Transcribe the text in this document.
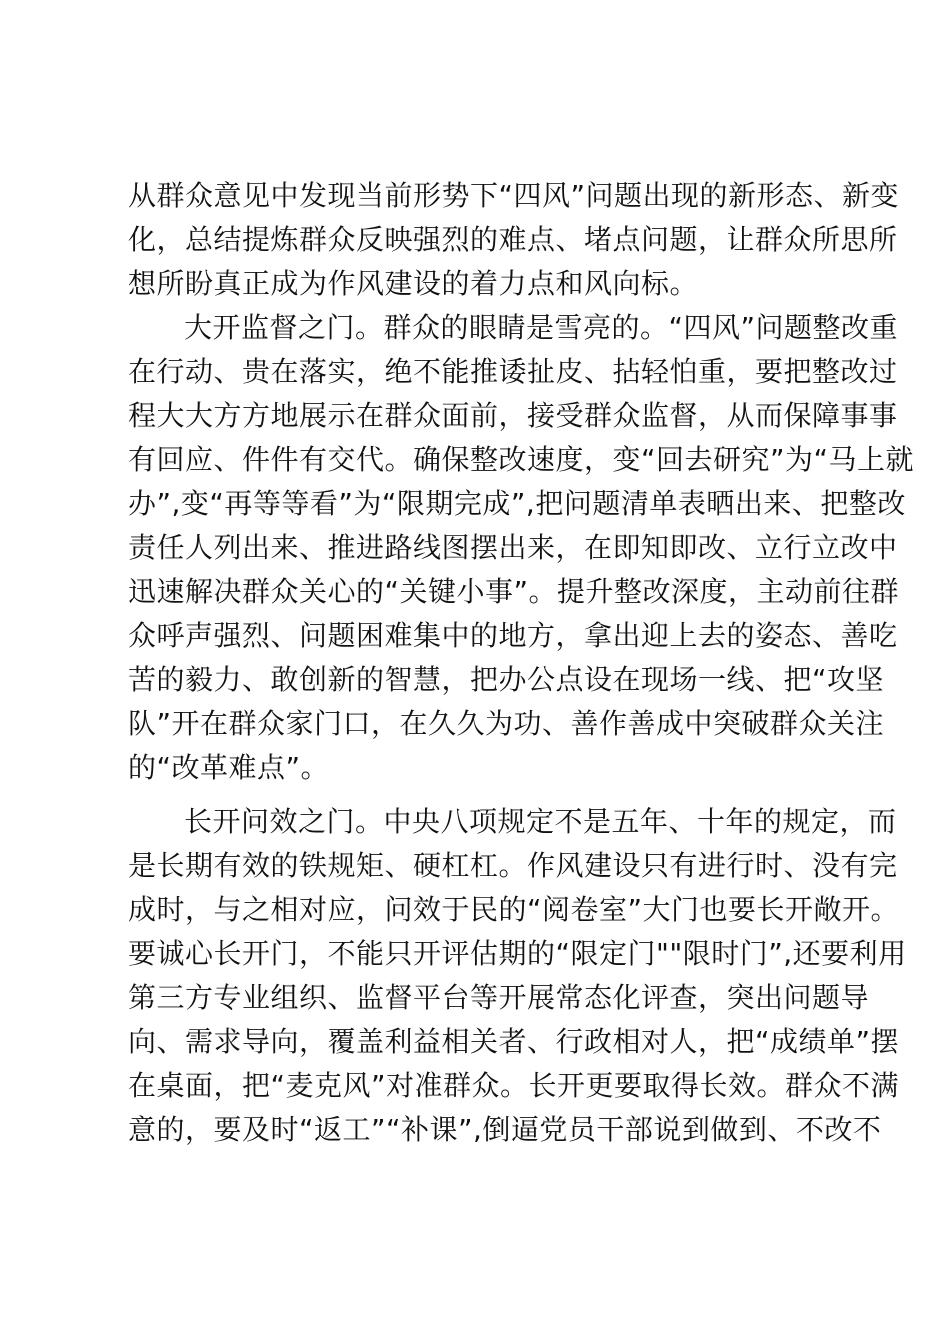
从群众意见中发现当前形势下“四风”问题出现的新形态、新变
化，总结提炼群众反映强烈的难点、堵点问题，让群众所思所
想所盼真正成为作风建设的着力点和风向标。
大开监督之门。群众的眼睛是雪亮的。“四风”问题整改重
在行动、贵在落实，绝不能推诿扯皮、拈轻怕重，要把整改过
程大大方方地展示在群众面前，接受群众监督，从而保障事事
有回应、件件有交代。确保整改速度，变“回去研究”为“马上就
办”,变“再等等看”为“限期完成”,把问题清单表晒出来、把整改
责任人列出来、推进路线图摆出来，在即知即改、立行立改中
迅速解决群众关心的“关键小事”。提升整改深度，主动前往群
众呼声强烈、问题困难集中的地方，拿出迎上去的姿态、善吃
苦的毅力、敢创新的智慧，把办公点设在现场一线、把“攻坚
队”开在群众家门口，在久久为功、善作善成中突破群众关注
的“改革难点”。
长开问效之门。中央八项规定不是五年、十年的规定，而
是长期有效的铁规矩、硬杠杠。作风建设只有进行时、没有完
成时，与之相对应，问效于民的“阅卷室”大门也要长开敞开。
要诚心长开门，不能只开评估期的“限定门""限时门”,还要利用
第三方专业组织、监督平台等开展常态化评查，突出问题导
向、需求导向，覆盖利益相关者、行政相对人，把“成绩单”摆
在桌面，把“麦克风”对准群众。长开更要取得长效。群众不满
意的，要及时“返工”“补课”,倒逼党员干部说到做到、不改不
